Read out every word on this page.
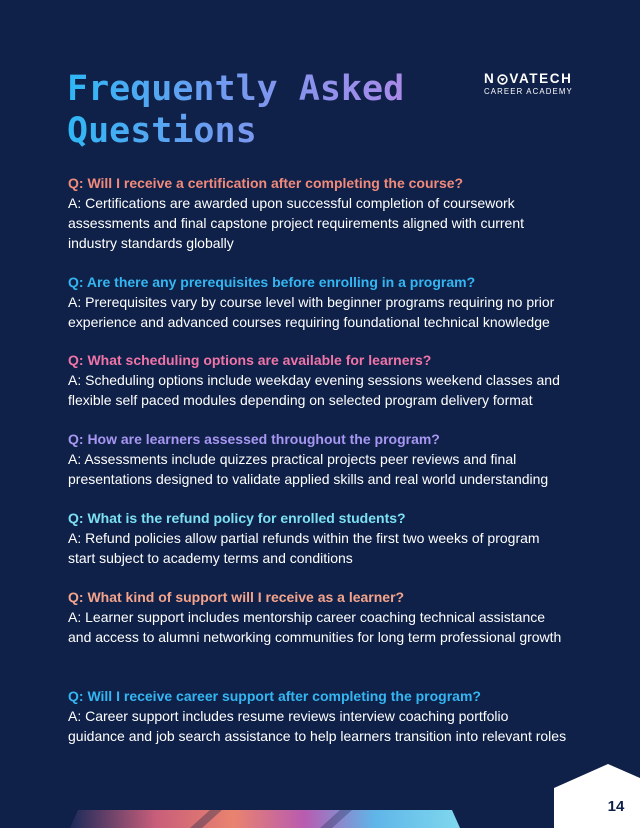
Frequently Asked
Questions
N VATECH
CAREER ACADEMY
Q: Will I receive a certification after completing the course?
A: Certifications are awarded upon successful completion of coursework assessments and final capstone project requirements aligned with current industry standards globally
Q: Are there any prerequisites before enrolling in a program?
A: Prerequisites vary by course level with beginner programs requiring no prior experience and advanced courses requiring foundational technical knowledge
Q: What scheduling options are available for learners?
A: Scheduling options include weekday evening sessions weekend classes and flexible self paced modules depending on selected program delivery format
Q: How are learners assessed throughout the program?
A: Assessments include quizzes practical projects peer reviews and final presentations designed to validate applied skills and real world understanding
Q: What is the refund policy for enrolled students?
A: Refund policies allow partial refunds within the first two weeks of program start subject to academy terms and conditions
Q: What kind of support will I receive as a learner?
A: Learner support includes mentorship career coaching technical assistance and access to alumni networking communities for long term professional growth
Q: Will I receive career support after completing the program?
A: Career support includes resume reviews interview coaching portfolio guidance and job search assistance to help learners transition into relevant roles
14
